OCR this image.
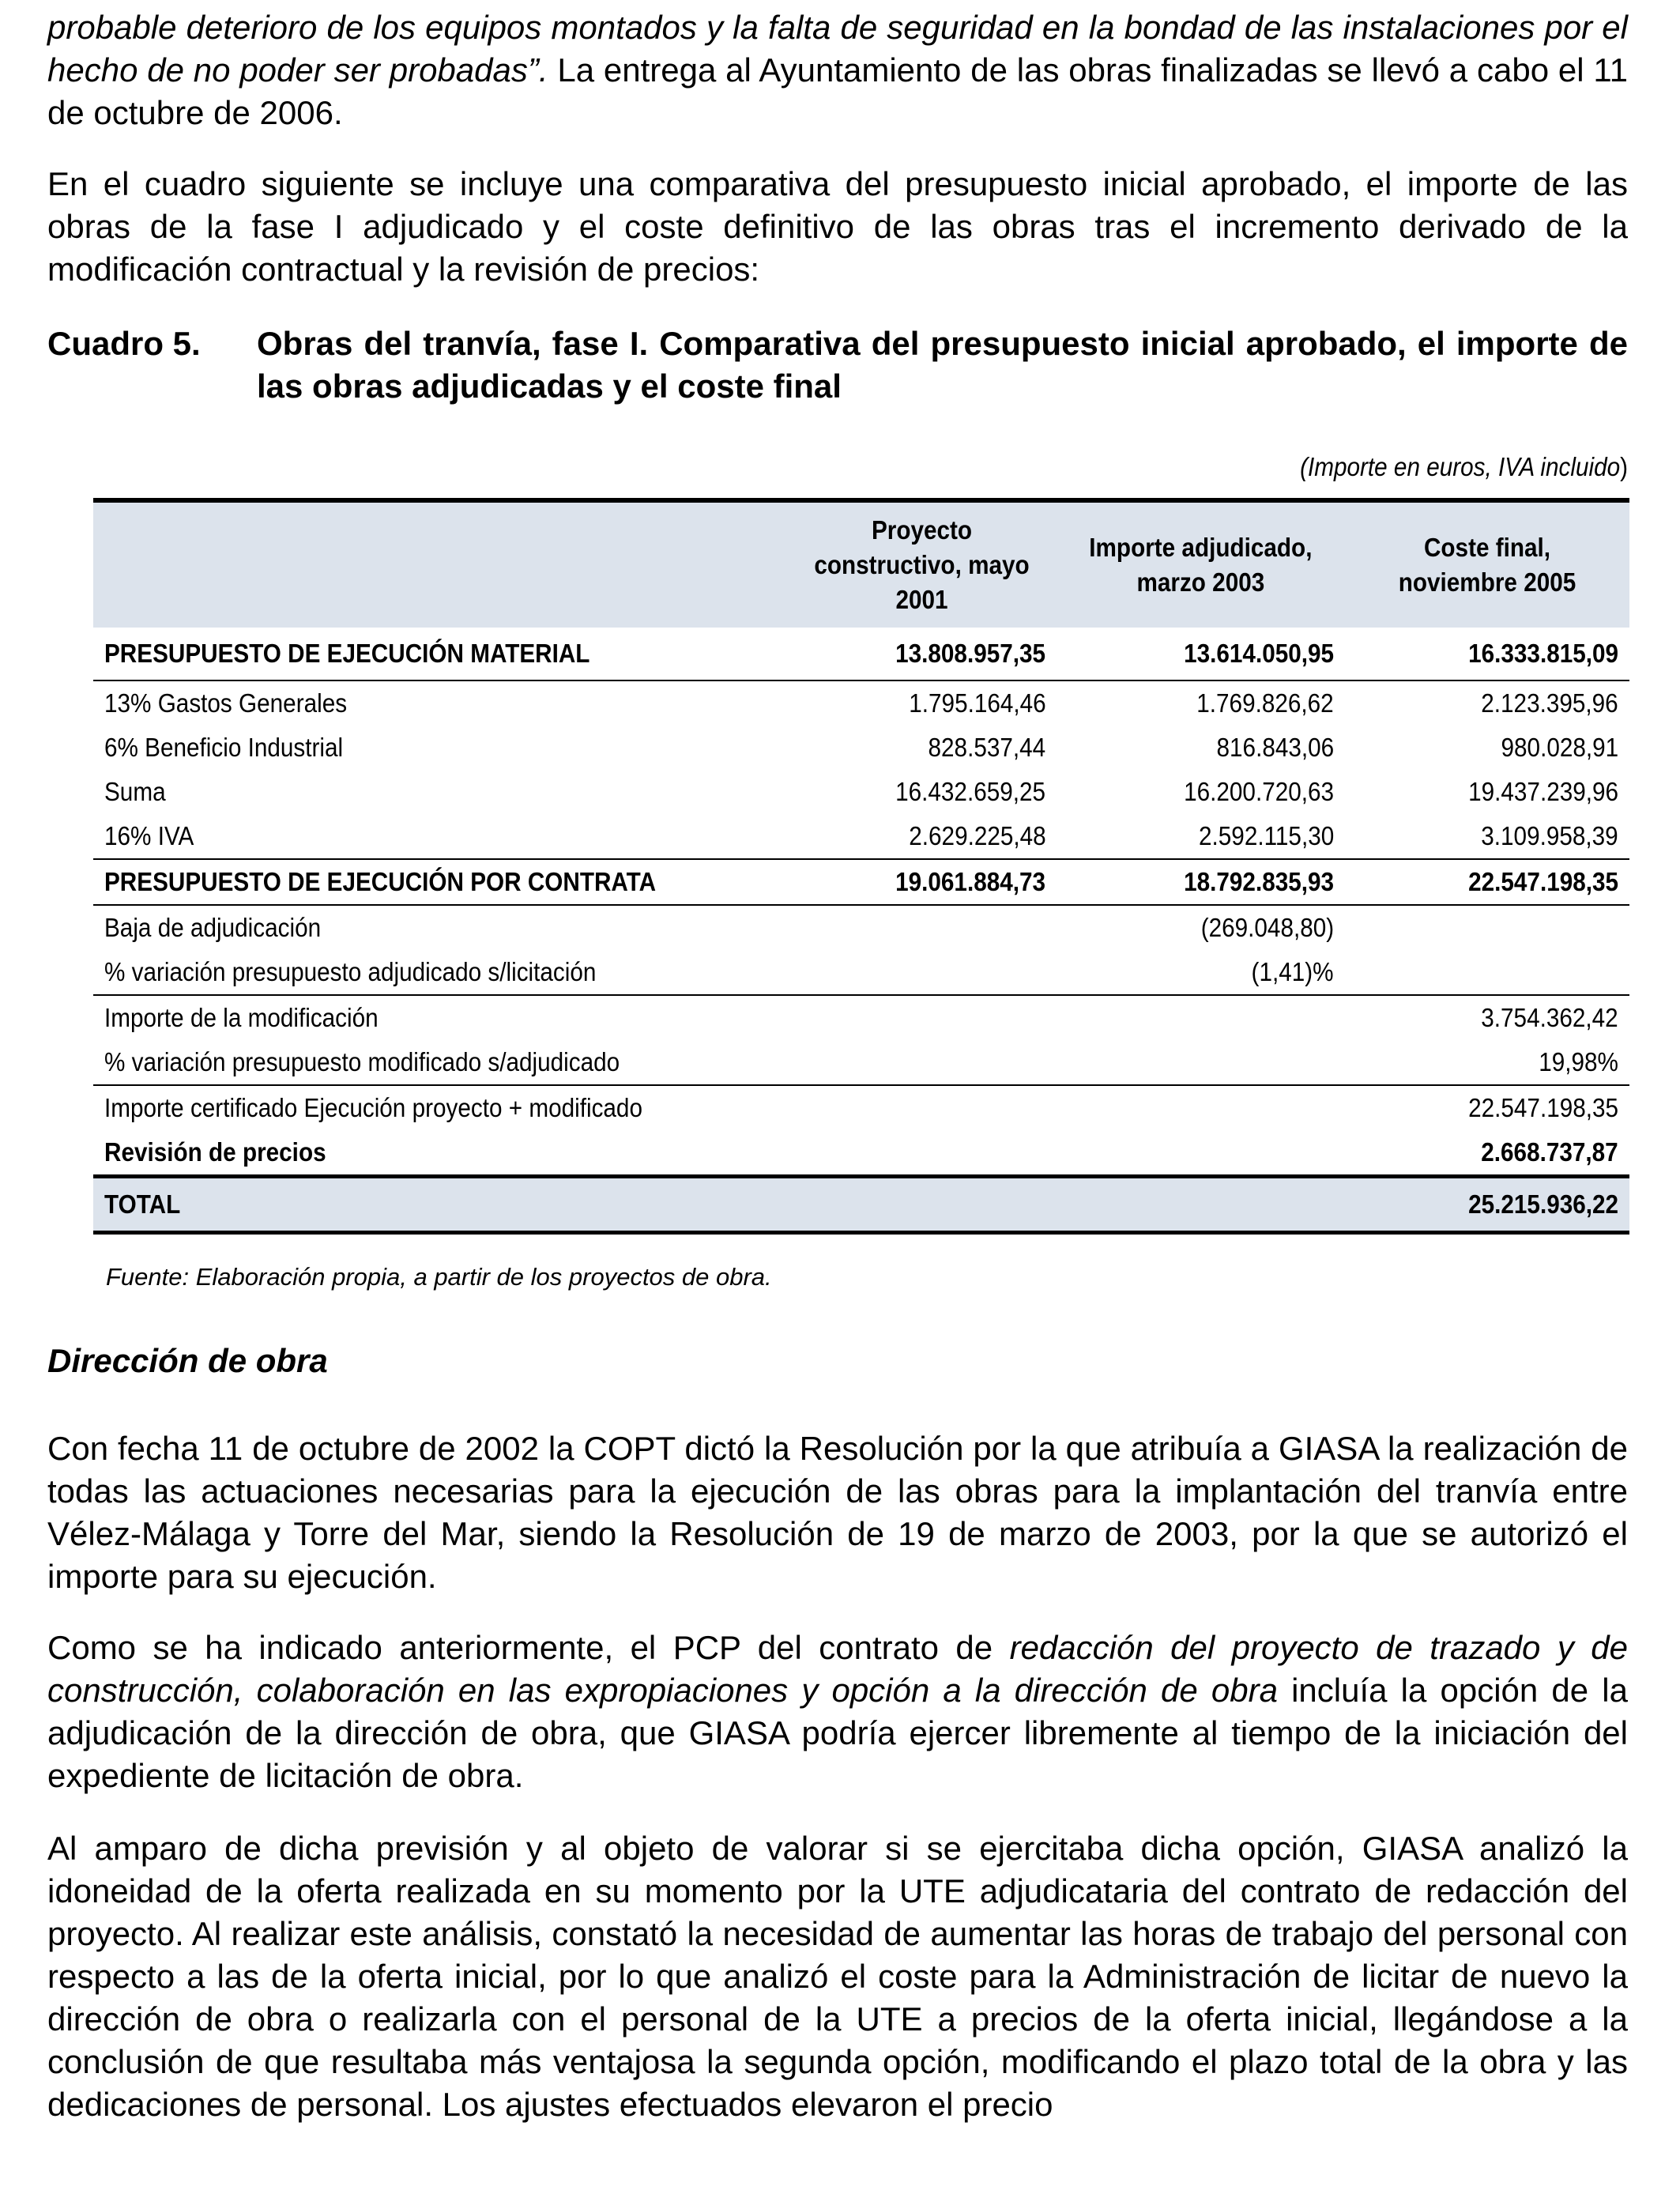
probable deterioro de los equipos montados y la falta de seguridad en la bondad de las instalaciones por el hecho de no poder ser probadas”. La entrega al Ayuntamiento de las obras finalizadas se llevó a cabo el 11 de octubre de 2006.

En el cuadro siguiente se incluye una comparativa del presupuesto inicial aprobado, el importe de las obras de la fase I adjudicado y el coste definitivo de las obras tras el incremento derivado de la modificación contractual y la revisión de precios:

Cuadro 5. Obras del tranvía, fase I. Comparativa del presupuesto inicial aprobado, el importe de las obras adjudicadas y el coste final
(Importe en euros, IVA incluido)
	Proyecto constructivo, mayo 2001	Importe adjudicado, marzo 2003	Coste final, noviembre 2005
PRESUPUESTO DE EJECUCIÓN MATERIAL	13.808.957,35	13.614.050,95	16.333.815,09
13% Gastos Generales	1.795.164,46	1.769.826,62	2.123.395,96
6% Beneficio Industrial	828.537,44	816.843,06	980.028,91
Suma	16.432.659,25	16.200.720,63	19.437.239,96
16% IVA	2.629.225,48	2.592.115,30	3.109.958,39
PRESUPUESTO DE EJECUCIÓN POR CONTRATA	19.061.884,73	18.792.835,93	22.547.198,35
Baja de adjudicación		(269.048,80)	
% variación presupuesto adjudicado s/licitación		(1,41)%	
Importe de la modificación			3.754.362,42
% variación presupuesto modificado s/adjudicado			19,98%
Importe certificado Ejecución proyecto + modificado			22.547.198,35
Revisión de precios			2.668.737,87
TOTAL			25.215.936,22
Fuente: Elaboración propia, a partir de los proyectos de obra.
Dirección de obra

Con fecha 11 de octubre de 2002 la COPT dictó la Resolución por la que atribuía a GIASA la realización de todas las actuaciones necesarias para la ejecución de las obras para la implantación del tranvía entre Vélez-Málaga y Torre del Mar, siendo la Resolución de 19 de marzo de 2003, por la que se autorizó el importe para su ejecución.

Como se ha indicado anteriormente, el PCP del contrato de redacción del proyecto de trazado y de construcción, colaboración en las expropiaciones y opción a la dirección de obra incluía la opción de la adjudicación de la dirección de obra, que GIASA podría ejercer libremente al tiempo de la iniciación del expediente de licitación de obra.

Al amparo de dicha previsión y al objeto de valorar si se ejercitaba dicha opción, GIASA analizó la idoneidad de la oferta realizada en su momento por la UTE adjudicataria del contrato de redacción del proyecto. Al realizar este análisis, constató la necesidad de aumentar las horas de trabajo del personal con respecto a las de la oferta inicial, por lo que analizó el coste para la Administración de licitar de nuevo la dirección de obra o realizarla con el personal de la UTE a precios de la oferta inicial, llegándose a la conclusión de que resultaba más ventajosa la segunda opción, modificando el plazo total de la obra y las dedicaciones de personal. Los ajustes efectuados elevaron el precio
